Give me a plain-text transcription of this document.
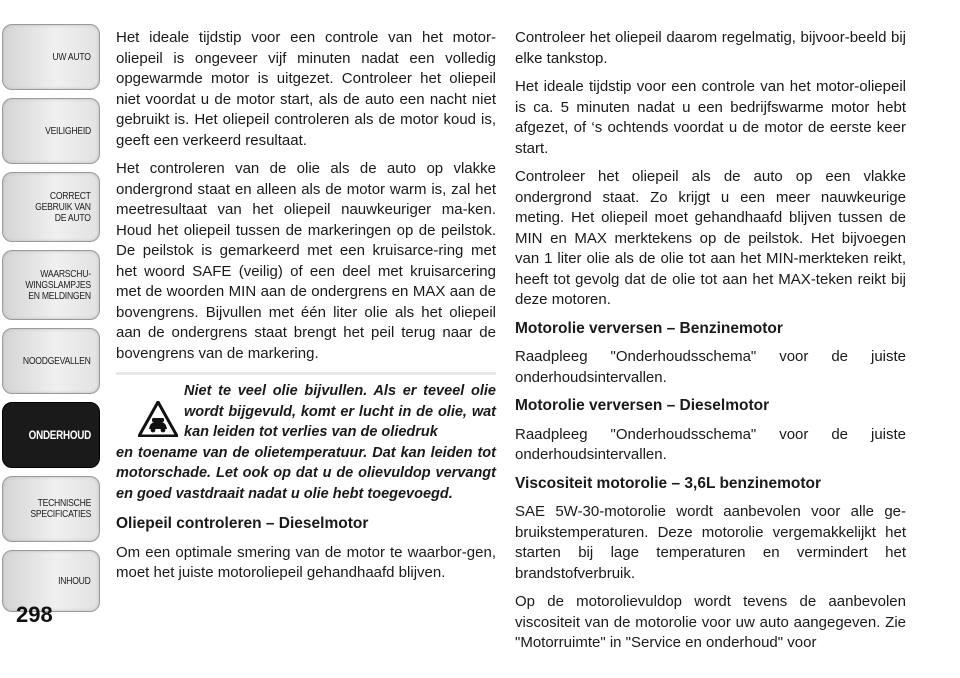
UW AUTO
VEILIGHEID
CORRECT
GEBRUIK VAN
DE AUTO
WAARSCHU-
WINGSLAMPJES
EN MELDINGEN
NOODGEVALLEN
ONDERHOUD
TECHNISCHE
SPECIFICATIES
INHOUD
298

Het ideale tijdstip voor een controle van het motor-oliepeil is ongeveer vijf minuten nadat een volledig opgewarmde motor is uitgezet. Controleer het oliepeil niet voordat u de motor start, als de auto een nacht niet gebruikt is. Het oliepeil controleren als de motor koud is, geeft een verkeerd resultaat.

Het controleren van de olie als de auto op vlakke ondergrond staat en alleen als de motor warm is, zal het meetresultaat van het oliepeil nauwkeuriger ma-ken. Houd het oliepeil tussen de markeringen op de peilstok. De peilstok is gemarkeerd met een kruisarce-ring met het woord SAFE (veilig) of een deel met kruisarcering met de woorden MIN aan de ondergrens en MAX aan de bovengrens. Bijvullen met één liter olie als het oliepeil aan de ondergrens staat brengt het peil terug naar de bovengrens van de markering.

Niet te veel olie bijvullen. Als er teveel olie wordt bijgevuld, komt er lucht in de olie, wat kan leiden tot verlies van de oliedruk
en toename van de olietemperatuur. Dat kan leiden tot motorschade. Let ook op dat u de olievuldop vervangt en goed vastdraait nadat u olie hebt toegevoegd.

Oliepeil controleren – Dieselmotor

Om een optimale smering van de motor te waarbor-gen, moet het juiste motoroliepeil gehandhaafd blijven.

Controleer het oliepeil daarom regelmatig, bijvoor-beeld bij elke tankstop.

Het ideale tijdstip voor een controle van het motor-oliepeil is ca. 5 minuten nadat u een bedrijfswarme motor hebt afgezet, of ‘s ochtends voordat u de motor de eerste keer start.

Controleer het oliepeil als de auto op een vlakke ondergrond staat. Zo krijgt u een meer nauwkeurige meting. Het oliepeil moet gehandhaafd blijven tussen de MIN en MAX merktekens op de peilstok. Het bijvoegen van 1 liter olie als de olie tot aan het MIN-merkteken reikt, heeft tot gevolg dat de olie tot aan het MAX-teken reikt bij deze motoren.

Motorolie verversen – Benzinemotor

Raadpleeg "Onderhoudsschema" voor de juiste onderhoudsintervallen.

Motorolie verversen – Dieselmotor

Raadpleeg "Onderhoudsschema" voor de juiste onderhoudsintervallen.

Viscositeit motorolie – 3,6L benzinemotor

SAE 5W-30-motorolie wordt aanbevolen voor alle ge-bruikstemperaturen. Deze motorolie vergemakkelijkt het starten bij lage temperaturen en vermindert het brandstofverbruik.

Op de motorolievuldop wordt tevens de aanbevolen viscositeit van de motorolie voor uw auto aangegeven. Zie "Motorruimte" in "Service en onderhoud" voor
